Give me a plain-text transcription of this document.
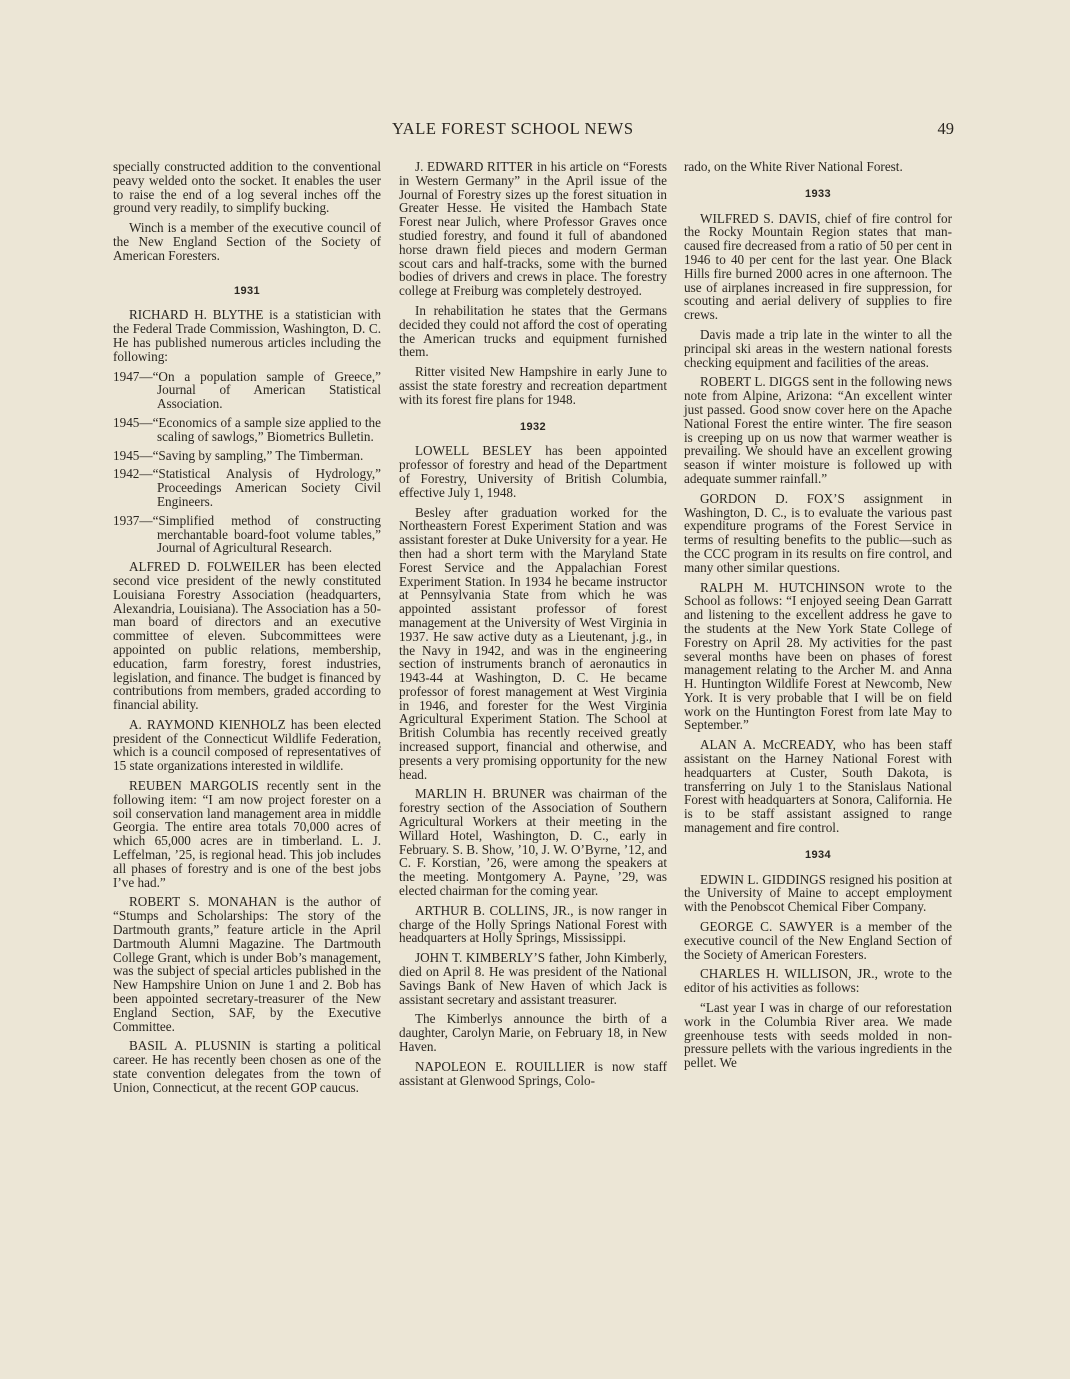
YALE FOREST SCHOOL NEWS	49

specially constructed addition to the conventional peavy welded onto the socket. It enables the user to raise the end of a log several inches off the ground very readily, to simplify bucking.

Winch is a member of the executive council of the New England Section of the Society of American Foresters.

1931

RICHARD H. BLYTHE is a statistician with the Federal Trade Commission, Washington, D. C. He has published numerous articles including the following:

1947—“On a population sample of Greece,” Journal of American Statistical Association.

1945—“Economics of a sample size applied to the scaling of sawlogs,” Biometrics Bulletin.

1945—“Saving by sampling,” The Timberman.

1942—“Statistical Analysis of Hydrology,” Proceedings American Society Civil Engineers.

1937—“Simplified method of constructing merchantable board-foot volume tables,” Journal of Agricultural Research.

ALFRED D. FOLWEILER has been elected second vice president of the newly constituted Louisiana Forestry Association (headquarters, Alexandria, Louisiana). The Association has a 50-man board of directors and an executive committee of eleven. Subcommittees were appointed on public relations, membership, education, farm forestry, forest industries, legislation, and finance. The budget is financed by contributions from members, graded according to financial ability.

A. RAYMOND KIENHOLZ has been elected president of the Connecticut Wildlife Federation, which is a council composed of representatives of 15 state organizations interested in wildlife.

REUBEN MARGOLIS recently sent in the following item: “I am now project forester on a soil conservation land management area in middle Georgia. The entire area totals 70,000 acres of which 65,000 acres are in timberland. L. J. Leffelman, ’25, is regional head. This job includes all phases of forestry and is one of the best jobs I’ve had.”

ROBERT S. MONAHAN is the author of “Stumps and Scholarships: The story of the Dartmouth grants,” feature article in the April Dartmouth Alumni Magazine. The Dartmouth College Grant, which is under Bob’s management, was the subject of special articles published in the New Hampshire Union on June 1 and 2. Bob has been appointed secretary-treasurer of the New England Section, SAF, by the Executive Committee.

BASIL A. PLUSNIN is starting a political career. He has recently been chosen as one of the state convention delegates from the town of Union, Connecticut, at the recent GOP caucus.

J. EDWARD RITTER in his article on “Forests in Western Germany” in the April issue of the Journal of Forestry sizes up the forest situation in Greater Hesse. He visited the Hambach State Forest near Julich, where Professor Graves once studied forestry, and found it full of abandoned horse drawn field pieces and modern German scout cars and half-tracks, some with the burned bodies of drivers and crews in place. The forestry college at Freiburg was completely destroyed.

In rehabilitation he states that the Germans decided they could not afford the cost of operating the American trucks and equipment furnished them.

Ritter visited New Hampshire in early June to assist the state forestry and recreation department with its forest fire plans for 1948.

1932

LOWELL BESLEY has been appointed professor of forestry and head of the Department of Forestry, University of British Columbia, effective July 1, 1948.

Besley after graduation worked for the Northeastern Forest Experiment Station and was assistant forester at Duke University for a year. He then had a short term with the Maryland State Forest Service and the Appalachian Forest Experiment Station. In 1934 he became instructor at Pennsylvania State from which he was appointed assistant professor of forest management at the University of West Virginia in 1937. He saw active duty as a Lieutenant, j.g., in the Navy in 1942, and was in the engineering section of instruments branch of aeronautics in 1943-44 at Washington, D. C. He became professor of forest management at West Virginia in 1946, and forester for the West Virginia Agricultural Experiment Station. The School at British Columbia has recently received greatly increased support, financial and otherwise, and presents a very promising opportunity for the new head.

MARLIN H. BRUNER was chairman of the forestry section of the Association of Southern Agricultural Workers at their meeting in the Willard Hotel, Washington, D. C., early in February. S. B. Show, ’10, J. W. O’Byrne, ’12, and C. F. Korstian, ’26, were among the speakers at the meeting. Montgomery A. Payne, ’29, was elected chairman for the coming year.

ARTHUR B. COLLINS, JR., is now ranger in charge of the Holly Springs National Forest with headquarters at Holly Springs, Mississippi.

JOHN T. KIMBERLY’S father, John Kimberly, died on April 8. He was president of the National Savings Bank of New Haven of which Jack is assistant secretary and assistant treasurer.

The Kimberlys announce the birth of a daughter, Carolyn Marie, on February 18, in New Haven.

NAPOLEON E. ROUILLIER is now staff assistant at Glenwood Springs, Colo-

rado, on the White River National Forest.

1933

WILFRED S. DAVIS, chief of fire control for the Rocky Mountain Region states that man-caused fire decreased from a ratio of 50 per cent in 1946 to 40 per cent for the last year. One Black Hills fire burned 2000 acres in one afternoon. The use of airplanes increased in fire suppression, for scouting and aerial delivery of supplies to fire crews.

Davis made a trip late in the winter to all the principal ski areas in the western national forests checking equipment and facilities of the areas.

ROBERT L. DIGGS sent in the following news note from Alpine, Arizona: “An excellent winter just passed. Good snow cover here on the Apache National Forest the entire winter. The fire season is creeping up on us now that warmer weather is prevailing. We should have an excellent growing season if winter moisture is followed up with adequate summer rainfall.”

GORDON D. FOX’S assignment in Washington, D. C., is to evaluate the various past expenditure programs of the Forest Service in terms of resulting benefits to the public—such as the CCC program in its results on fire control, and many other similar questions.

RALPH M. HUTCHINSON wrote to the School as follows: “I enjoyed seeing Dean Garratt and listening to the excellent address he gave to the students at the New York State College of Forestry on April 28. My activities for the past several months have been on phases of forest management relating to the Archer M. and Anna H. Huntington Wildlife Forest at Newcomb, New York. It is very probable that I will be on field work on the Huntington Forest from late May to September.”

ALAN A. McCREADY, who has been staff assistant on the Harney National Forest with headquarters at Custer, South Dakota, is transferring on July 1 to the Stanislaus National Forest with headquarters at Sonora, California. He is to be staff assistant assigned to range management and fire control.

1934

EDWIN L. GIDDINGS resigned his position at the University of Maine to accept employment with the Penobscot Chemical Fiber Company.

GEORGE C. SAWYER is a member of the executive council of the New England Section of the Society of American Foresters.

CHARLES H. WILLISON, JR., wrote to the editor of his activities as follows:

“Last year I was in charge of our reforestation work in the Columbia River area. We made greenhouse tests with seeds molded in non-pressure pellets with the various ingredients in the pellet. We
